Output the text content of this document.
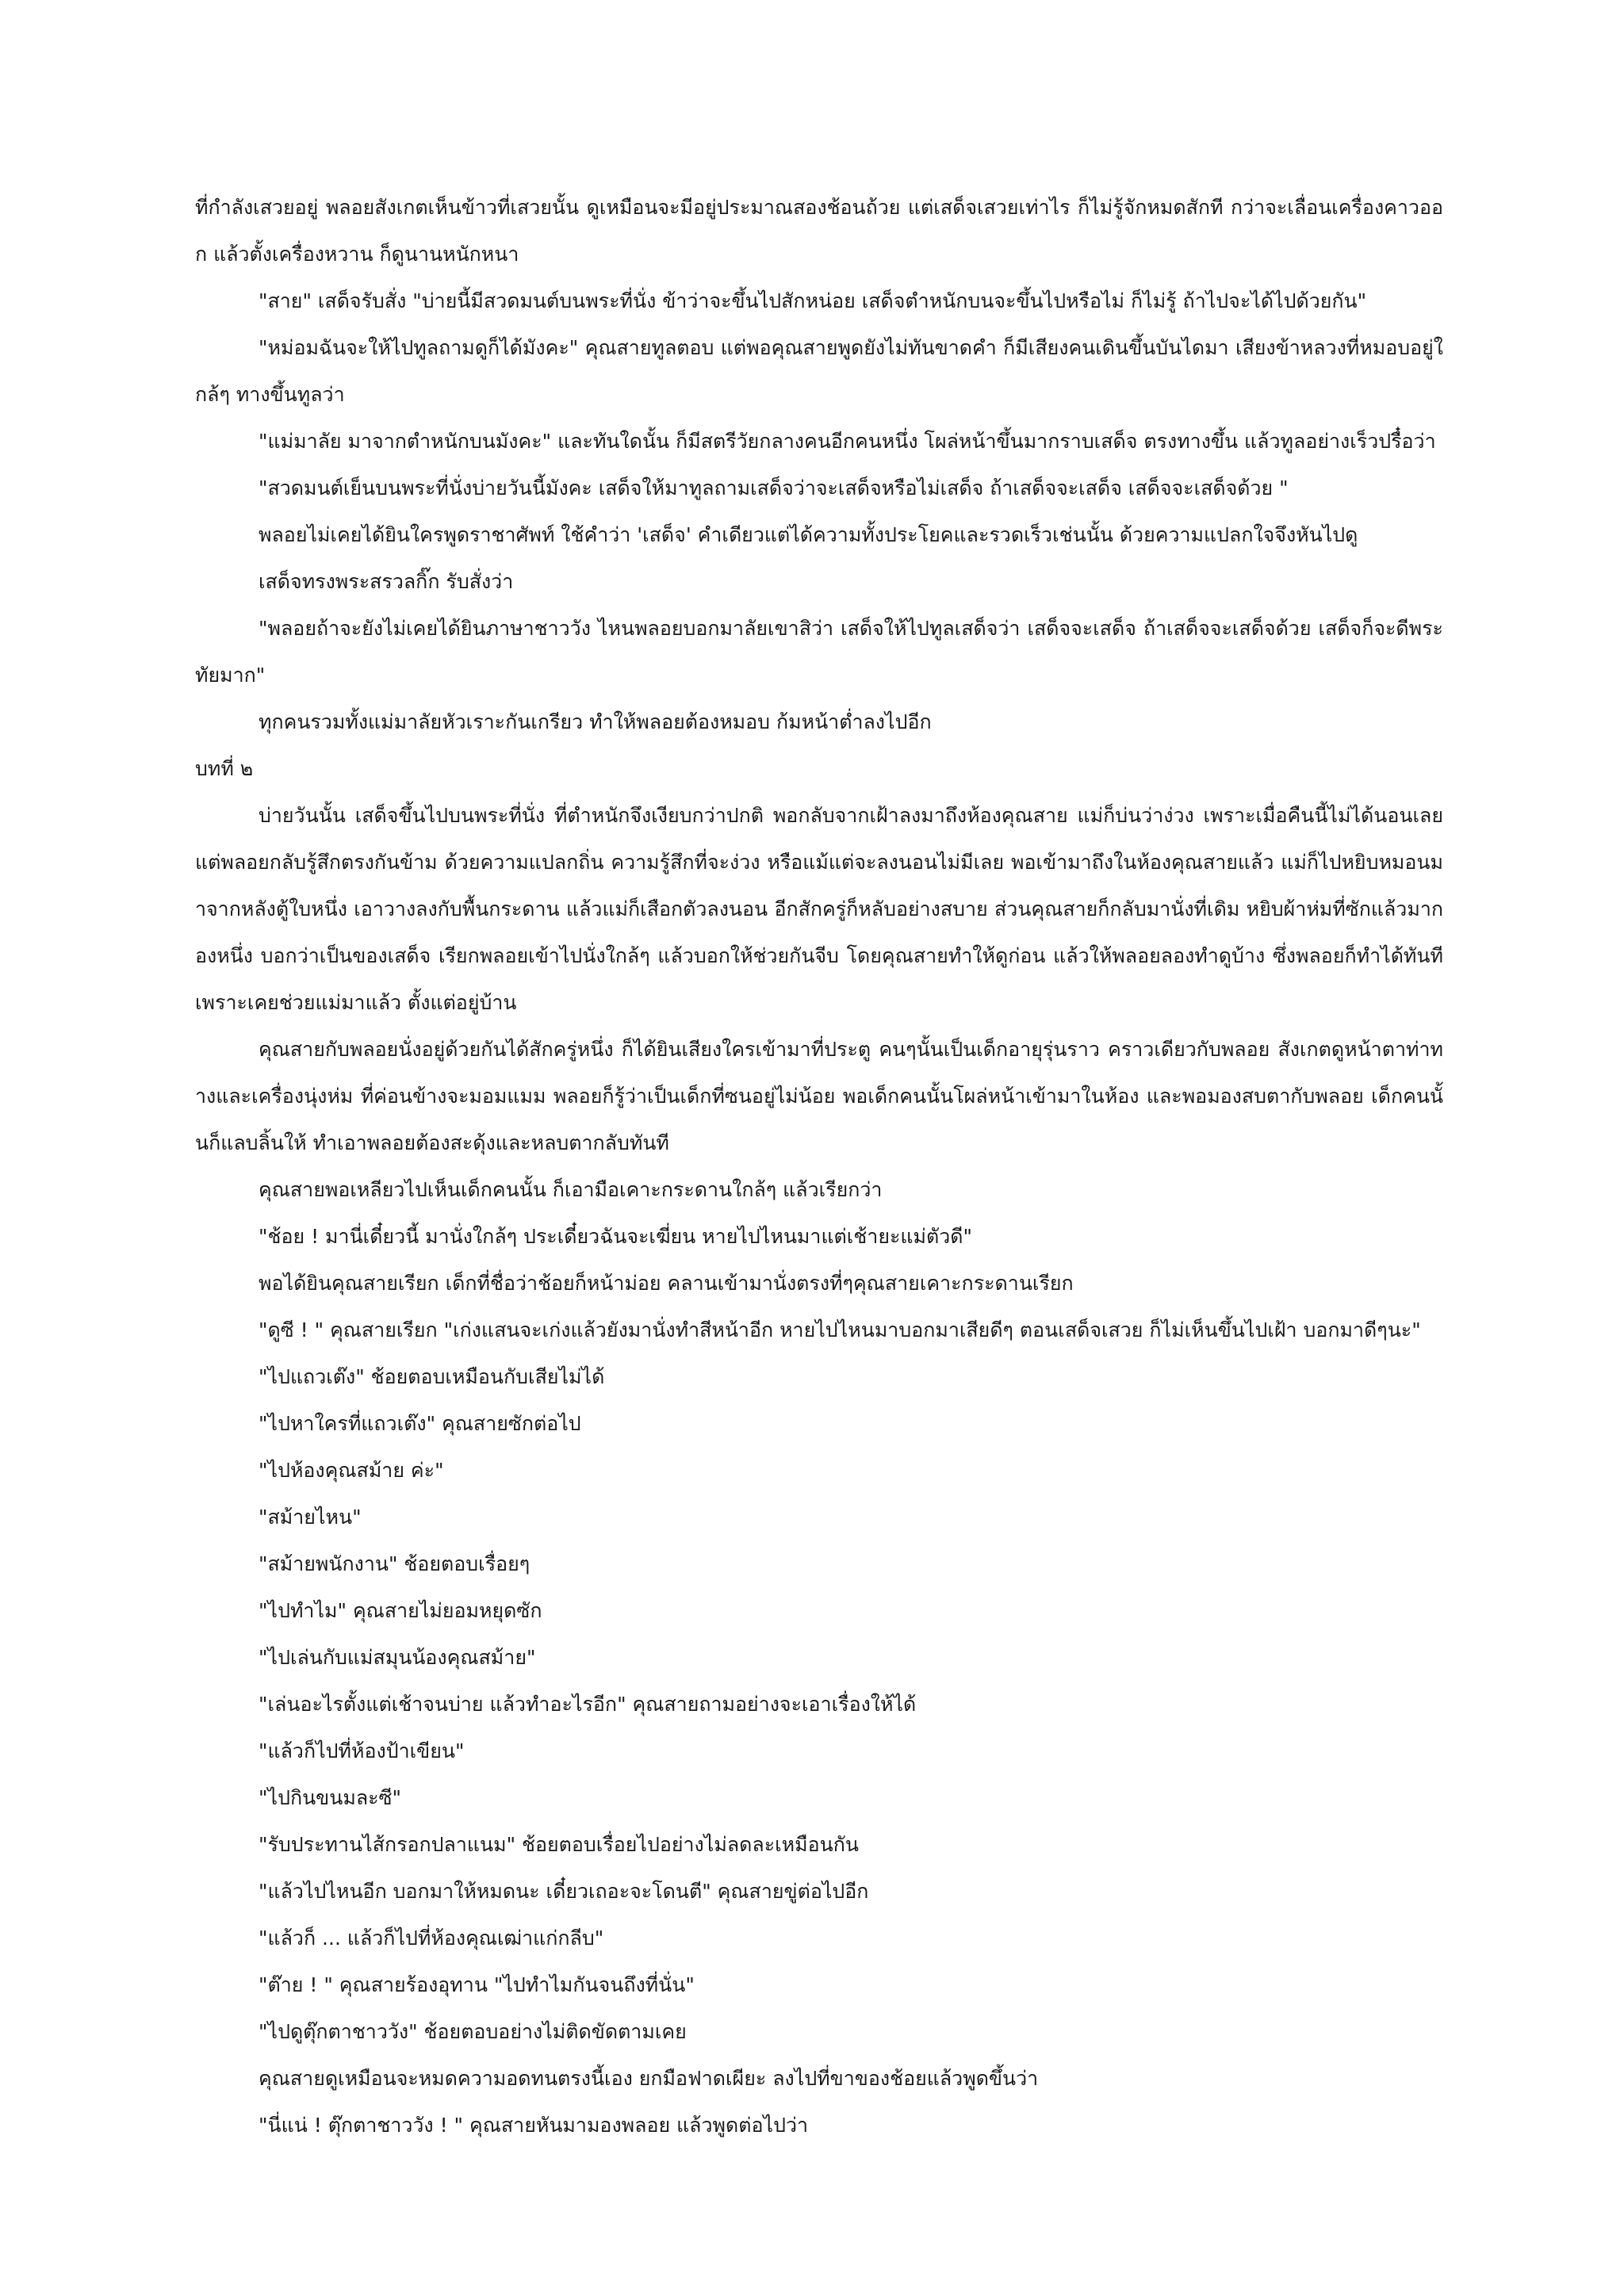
ที่กำลังเสวยอยู่ พลอยสังเกตเห็นข้าวที่เสวยนั้น ดูเหมือนจะมีอยู่ประมาณสองช้อนถ้วย แต่เสด็จเสวยเท่าไร ก็ไม่รู้จักหมดสักที กว่าจะเลื่อนเครื่องคาวออก แล้วตั้งเครื่องหวาน ก็ดูนานหนักหนา

"สาย" เสด็จรับสั่ง "บ่ายนี้มีสวดมนต์บนพระที่นั่ง ข้าว่าจะขึ้นไปสักหน่อย เสด็จตำหนักบนจะขึ้นไปหรือไม่ ก็ไม่รู้ ถ้าไปจะได้ไปด้วยกัน"

"หม่อมฉันจะให้ไปทูลถามดูก็ได้มังคะ" คุณสายทูลตอบ แต่พอคุณสายพูดยังไม่ทันขาดคำ ก็มีเสียงคนเดินขึ้นบันไดมา เสียงข้าหลวงที่หมอบอยู่ใกล้ๆ ทางขึ้นทูลว่า

"แม่มาลัย มาจากตำหนักบนมังคะ" และทันใดนั้น ก็มีสตรีวัยกลางคนอีกคนหนึ่ง โผล่หน้าขึ้นมากราบเสด็จ ตรงทางขึ้น แล้วทูลอย่างเร็วปรื๋อว่า

"สวดมนต์เย็นบนพระที่นั่งบ่ายวันนี้มังคะ เสด็จให้มาทูลถามเสด็จว่าจะเสด็จหรือไม่เสด็จ ถ้าเสด็จจะเสด็จ เสด็จจะเสด็จด้วย "

พลอยไม่เคยได้ยินใครพูดราชาศัพท์ ใช้คำว่า 'เสด็จ' คำเดียวแต่ได้ความทั้งประโยคและรวดเร็วเช่นนั้น ด้วยความแปลกใจจึงหันไปดู

เสด็จทรงพระสรวลกิ๊ก รับสั่งว่า

"พลอยถ้าจะยังไม่เคยได้ยินภาษาชาววัง ไหนพลอยบอกมาลัยเขาสิว่า เสด็จให้ไปทูลเสด็จว่า เสด็จจะเสด็จ ถ้าเสด็จจะเสด็จด้วย เสด็จก็จะดีพระทัยมาก"

ทุกคนรวมทั้งแม่มาลัยหัวเราะกันเกรียว ทำให้พลอยต้องหมอบ ก้มหน้าต่ำลงไปอีก

บทที่ ๒

บ่ายวันนั้น เสด็จขึ้นไปบนพระที่นั่ง ที่ตำหนักจึงเงียบกว่าปกติ พอกลับจากเฝ้าลงมาถึงห้องคุณสาย แม่ก็บ่นว่าง่วง เพราะเมื่อคืนนี้ไม่ได้นอนเลย แต่พลอยกลับรู้สึกตรงกันข้าม ด้วยความแปลกถิ่น ความรู้สึกที่จะง่วง หรือแม้แต่จะลงนอนไม่มีเลย พอเข้ามาถึงในห้องคุณสายแล้ว แม่ก็ไปหยิบหมอนมาจากหลังตู้ใบหนึ่ง เอาวางลงกับพื้นกระดาน แล้วแม่ก็เสือกตัวลงนอน อีกสักครู่ก็หลับอย่างสบาย ส่วนคุณสายก็กลับมานั่งที่เดิม หยิบผ้าห่มที่ซักแล้วมากองหนึ่ง บอกว่าเป็นของเสด็จ เรียกพลอยเข้าไปนั่งใกล้ๆ แล้วบอกให้ช่วยกันจีบ โดยคุณสายทำให้ดูก่อน แล้วให้พลอยลองทำดูบ้าง ซึ่งพลอยก็ทำได้ทันที เพราะเคยช่วยแม่มาแล้ว ตั้งแต่อยู่บ้าน

คุณสายกับพลอยนั่งอยู่ด้วยกันได้สักครู่หนึ่ง ก็ได้ยินเสียงใครเข้ามาที่ประตู คนๆนั้นเป็นเด็กอายุรุ่นราว คราวเดียวกับพลอย สังเกตดูหน้าตาท่าทางและเครื่องนุ่งห่ม ที่ค่อนข้างจะมอมแมม พลอยก็รู้ว่าเป็นเด็กที่ซนอยู่ไม่น้อย พอเด็กคนนั้นโผล่หน้าเข้ามาในห้อง และพอมองสบตากับพลอย เด็กคนนั้นก็แลบลิ้นให้ ทำเอาพลอยต้องสะดุ้งและหลบตากลับทันที

คุณสายพอเหลียวไปเห็นเด็กคนนั้น ก็เอามือเคาะกระดานใกล้ๆ แล้วเรียกว่า

"ช้อย ! มานี่เดี๋ยวนี้ มานั่งใกล้ๆ ประเดี๋ยวฉันจะเฆี่ยน หายไปไหนมาแต่เช้ายะแม่ตัวดี"

พอได้ยินคุณสายเรียก เด็กที่ชื่อว่าช้อยก็หน้าม่อย คลานเข้ามานั่งตรงที่ๆคุณสายเคาะกระดานเรียก

"ดูซี ! " คุณสายเรียก "เก่งแสนจะเก่งแล้วยังมานั่งทำสีหน้าอีก หายไปไหนมาบอกมาเสียดีๆ ตอนเสด็จเสวย ก็ไม่เห็นขึ้นไปเฝ้า บอกมาดีๆนะ"

"ไปแถวเต๊ง" ช้อยตอบเหมือนกับเสียไม่ได้

"ไปหาใครที่แถวเต๊ง" คุณสายซักต่อไป

"ไปห้องคุณสม้าย ค่ะ"

"สม้ายไหน"

"สม้ายพนักงาน" ช้อยตอบเรื่อยๆ

"ไปทำไม" คุณสายไม่ยอมหยุดซัก

"ไปเล่นกับแม่สมุนน้องคุณสม้าย"

"เล่นอะไรตั้งแต่เช้าจนบ่าย แล้วทำอะไรอีก" คุณสายถามอย่างจะเอาเรื่องให้ได้

"แล้วก็ไปที่ห้องป้าเขียน"

"ไปกินขนมละซี"

"รับประทานไส้กรอกปลาแนม" ช้อยตอบเรื่อยไปอย่างไม่ลดละเหมือนกัน

"แล้วไปไหนอีก บอกมาให้หมดนะ เดี๋ยวเถอะจะโดนตี" คุณสายขู่ต่อไปอีก

"แล้วก็ ... แล้วก็ไปที่ห้องคุณเฒ่าแก่กลีบ"

"ต๊าย ! " คุณสายร้องอุทาน "ไปทำไมกันจนถึงที่นั่น"

"ไปดูตุ๊กตาชาววัง" ช้อยตอบอย่างไม่ติดขัดตามเคย

คุณสายดูเหมือนจะหมดความอดทนตรงนี้เอง ยกมือฟาดเผียะ ลงไปที่ขาของช้อยแล้วพูดขึ้นว่า

"นี่แน่ ! ตุ๊กตาชาววัง ! " คุณสายหันมามองพลอย แล้วพูดต่อไปว่า
